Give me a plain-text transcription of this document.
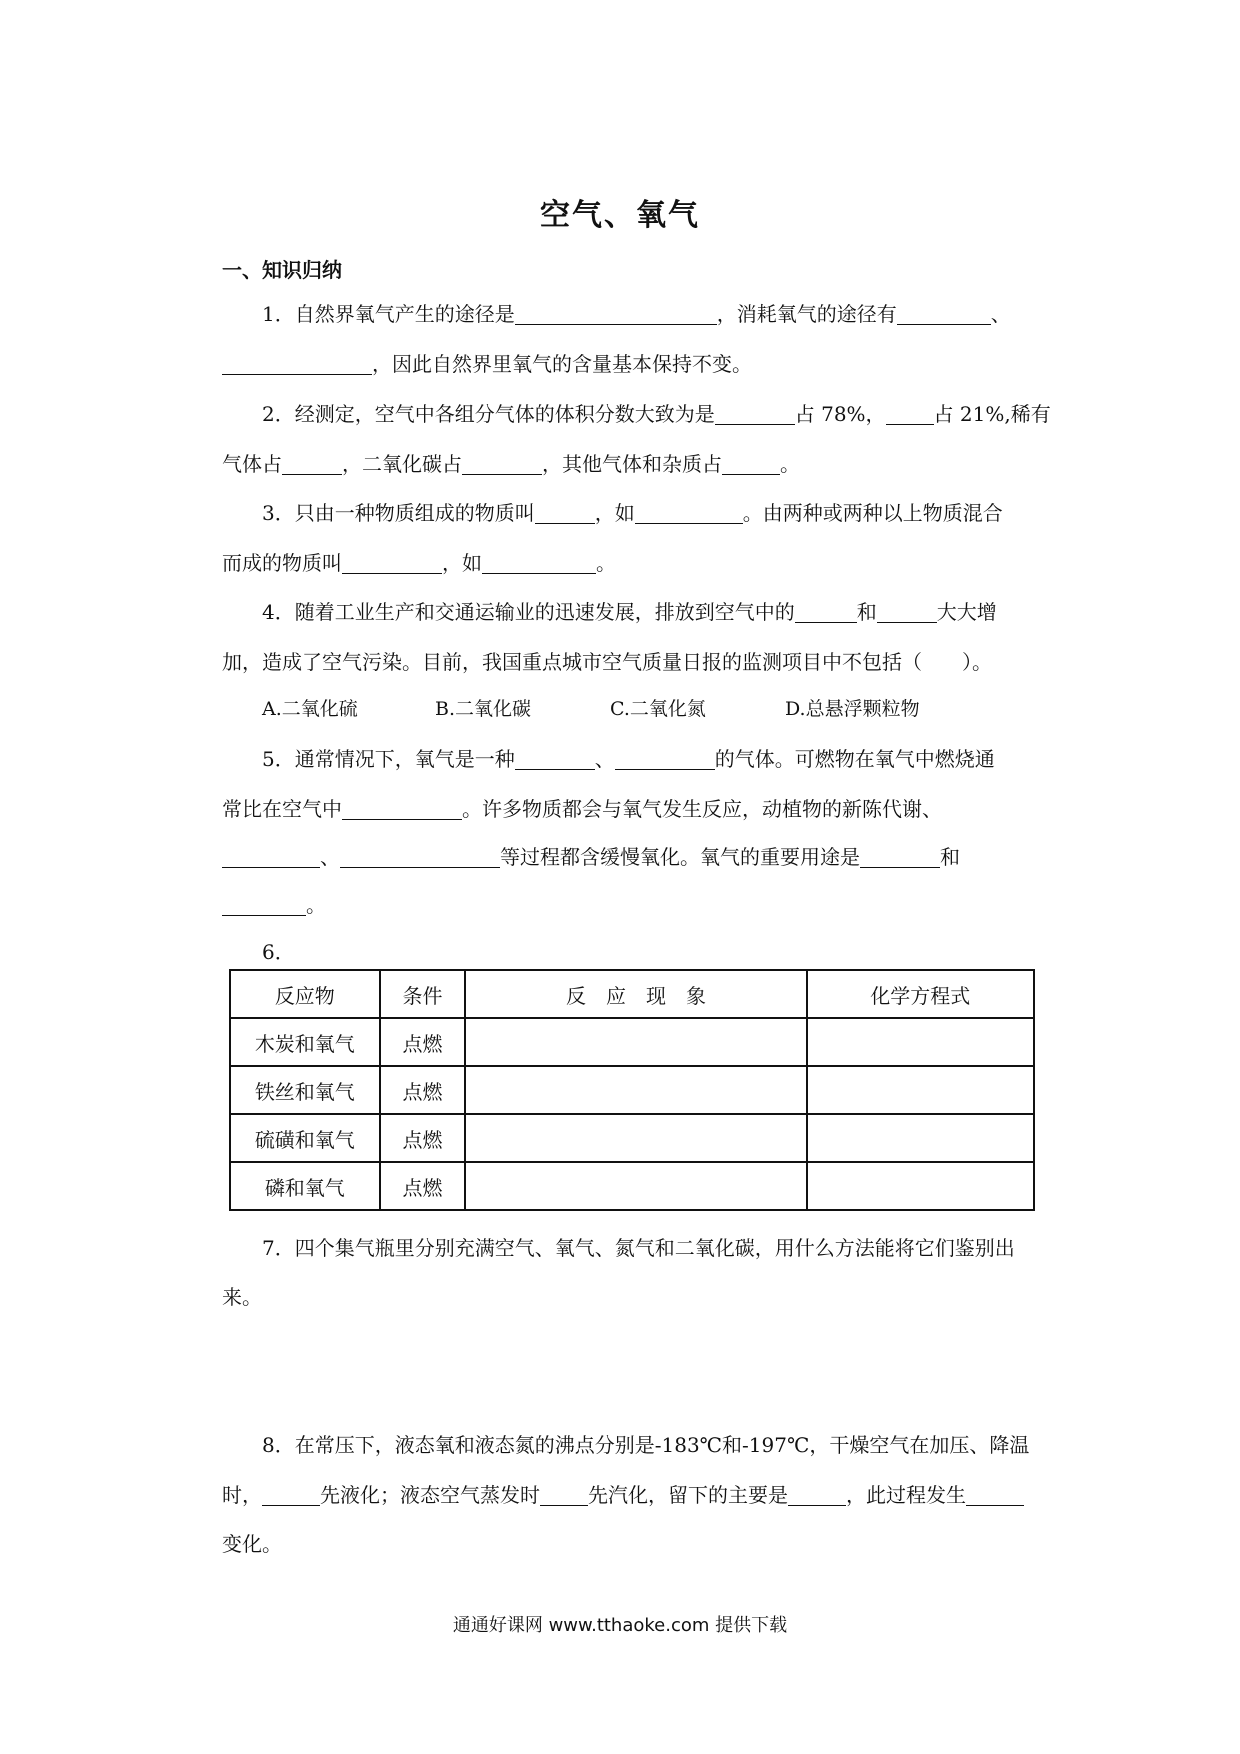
空气、氧气
一、知识归纳
1．自然界氧气产生的途径是	，消耗氧气的途径有	、
，因此自然界里氧气的含量基本保持不变。
2．经测定，空气中各组分气体的体积分数大致为是	占 78%， 占 21%,稀有
气体占	，二氧化碳占	，其他气体和杂质占	。
3．只由一种物质组成的物质叫	，如	。由两种或两种以上物质混合
而成的物质叫	，如	。
4．随着工业生产和交通运输业的迅速发展，排放到空气中的	和	大大增
加，造成了空气污染。目前，我国重点城市空气质量日报的监测项目中不包括（　　）。
A.二氧化硫	B.二氧化碳	C.二氧化氮	D.总悬浮颗粒物
5．通常情况下，氧气是一种	、	的气体。可燃物在氧气中燃烧通
常比在空气中	。许多物质都会与氧气发生反应，动植物的新陈代谢、
、	等过程都含缓慢氧化。氧气的重要用途是	和
。
6．
反应物	条件	反　应　现　象	化学方程式
木炭和氧气	点燃		
铁丝和氧气	点燃		
硫磺和氧气	点燃		
磷和氧气	点燃		
7．四个集气瓶里分别充满空气、氧气、氮气和二氧化碳，用什么方法能将它们鉴别出
来。
8．在常压下，液态氧和液态氮的沸点分别是-183℃和-197℃，干燥空气在加压、降温
时，	先液化；液态空气蒸发时 先汽化，留下的主要是	，此过程发生
变化。
通通好课网 www.tthaoke.com 提供下载
